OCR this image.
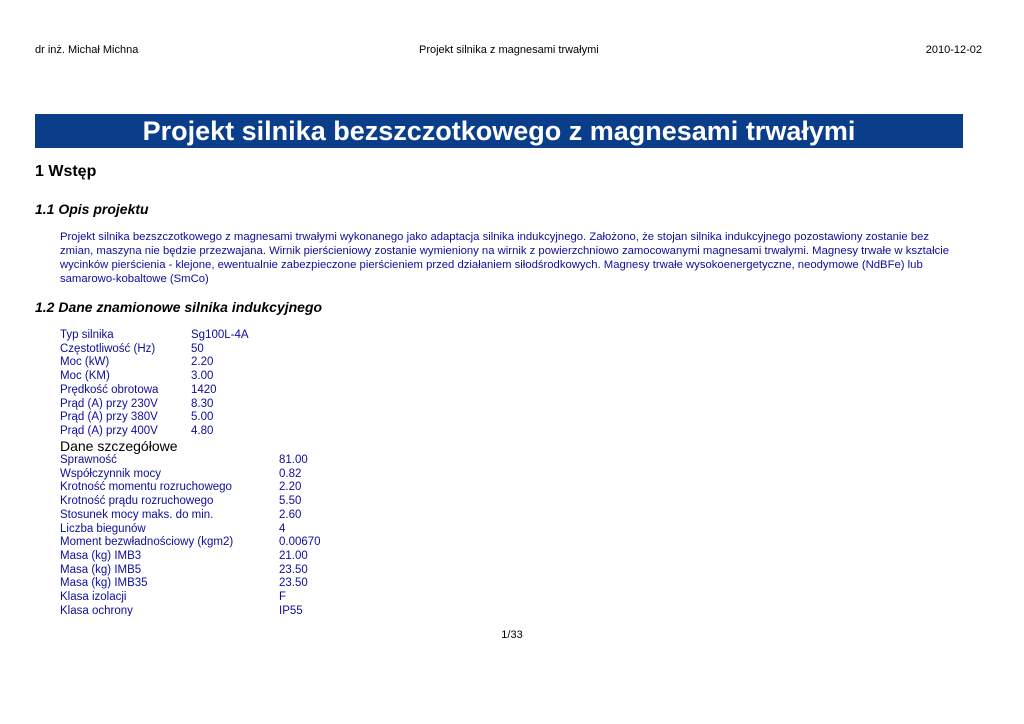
dr inż. Michał Michna	Projekt silnika z magnesami trwałymi	2010-12-02
Projekt silnika bezszczotkowego z magnesami trwałymi
1 Wstęp
1.1 Opis projektu
Projekt silnika bezszczotkowego z magnesami trwałymi wykonanego jako adaptacja silnika indukcyjnego. Założono, że stojan silnika indukcyjnego pozostawiony zostanie bez zmian, maszyna nie będzie przezwajana. Wirnik pierścieniowy zostanie wymieniony na wirnik z powierzchniowo zamocowanymi magnesami trwałymi. Magnesy trwałe w kształcie wycinków pierścienia - klejone, ewentualnie zabezpieczone pierścieniem przed działaniem siłodśrodkowych. Magnesy trwałe wysokoenergetyczne, neodymowe (NdBFe) lub samarowo-kobaltowe (SmCo)
1.2 Dane znamionowe silnika indukcyjnego
Typ silnika	Sg100L-4A
Częstotliwość (Hz)	50
Moc (kW)	2.20
Moc (KM)	3.00
Prędkość obrotowa	1420
Prąd (A) przy 230V	8.30
Prąd (A) przy 380V	5.00
Prąd (A) przy 400V	4.80
Dane szczegółowe
Sprawność	81.00
Współczynnik mocy	0.82
Krotność momentu rozruchowego	2.20
Krotność prądu rozruchowego	5.50
Stosunek mocy maks. do min.	2.60
Liczba biegunów	4
Moment bezwładnościowy (kgm2)	0.00670
Masa (kg) IMB3	21.00
Masa (kg) IMB5	23.50
Masa (kg) IMB35	23.50
Klasa izolacji	F
Klasa ochrony	IP55
1/33
